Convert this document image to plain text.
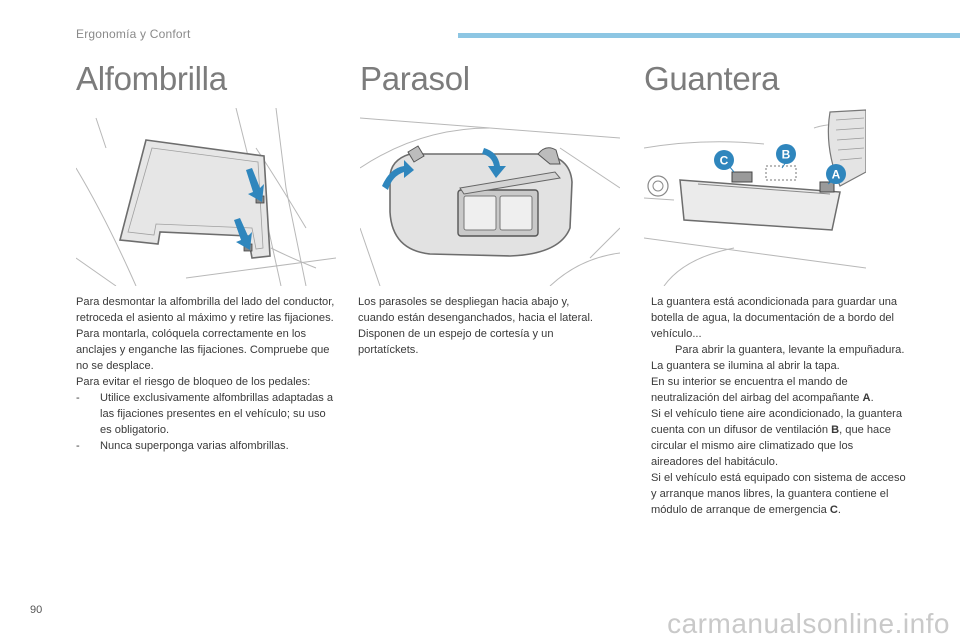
Ergonomía y Confort
Alfombrilla	Parasol	Guantera
C	B
A

Para desmontar la alfombrilla del lado del conductor, retroceda el asiento al máximo y retire las fijaciones.

Para montarla, colóquela correctamente en los anclajes y enganche las fijaciones. Compruebe que no se desplace.

Para evitar el riesgo de bloqueo de los pedales:

- Utilice exclusivamente alfombrillas adaptadas a las fijaciones presentes en el vehículo; su uso es obligatorio.
- Nunca superponga varias alfombrillas.

Los parasoles se despliegan hacia abajo y, cuando están desenganchados, hacia el lateral.

Disponen de un espejo de cortesía y un portatíckets.

La guantera está acondicionada para guardar una botella de agua, la documentación de a bordo del vehículo...

Para abrir la guantera, levante la empuñadura.

La guantera se ilumina al abrir la tapa.

En su interior se encuentra el mando de neutralización del airbag del acompañante A.

Si el vehículo tiene aire acondicionado, la guantera cuenta con un difusor de ventilación B, que hace circular el mismo aire climatizado que los aireadores del habitáculo.

Si el vehículo está equipado con sistema de acceso y arranque manos libres, la guantera contiene el módulo de arranque de emergencia C.

90	carmanualsonline.info
